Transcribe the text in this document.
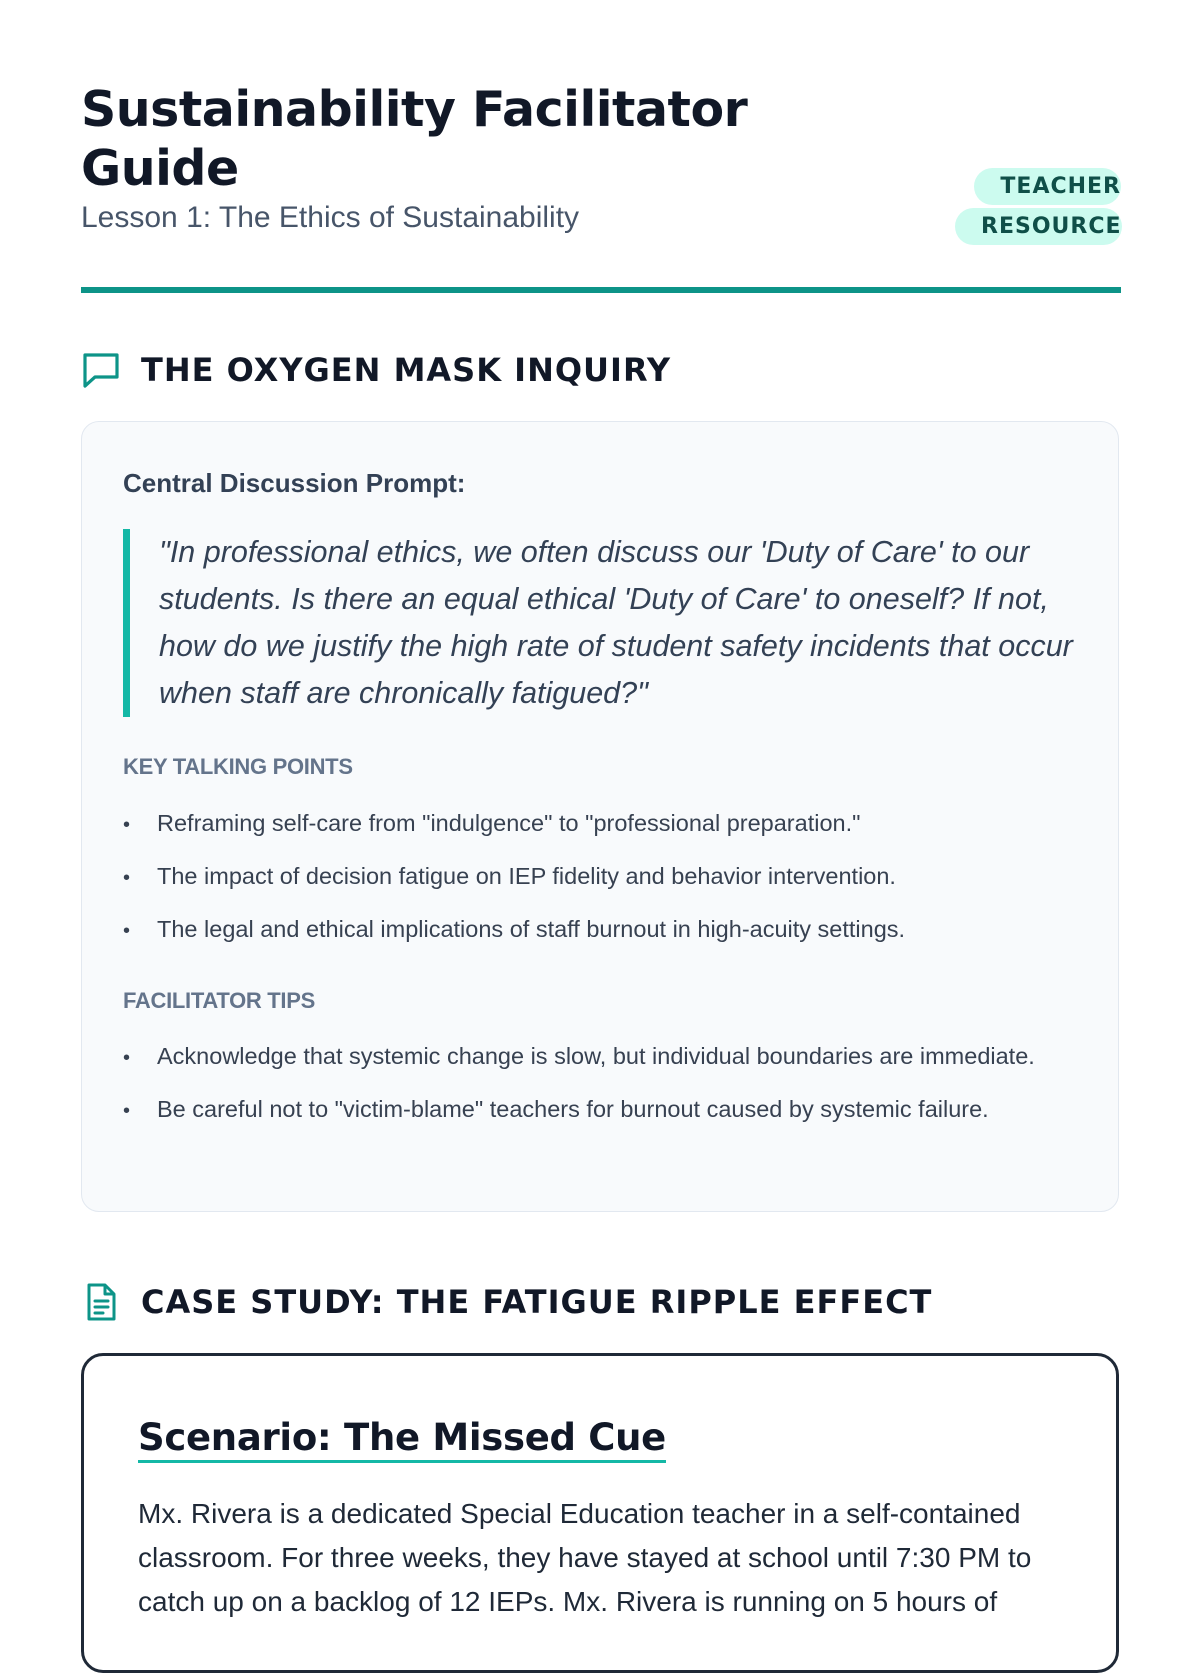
Sustainability Facilitator Guide

Lesson 1: The Ethics of Sustainability

TEACHER RESOURCE
THE OXYGEN MASK INQUIRY
Central Discussion Prompt:
"In professional ethics, we often discuss our 'Duty of Care' to our students. Is there an equal ethical 'Duty of Care' to oneself? If not, how do we justify the high rate of student safety incidents that occur when staff are chronically fatigued?"
KEY TALKING POINTS
• Reframing self-care from "indulgence" to "professional preparation."
• The impact of decision fatigue on IEP fidelity and behavior intervention.
• The legal and ethical implications of staff burnout in high-acuity settings.
FACILITATOR TIPS
• Acknowledge that systemic change is slow, but individual boundaries are immediate.
• Be careful not to "victim-blame" teachers for burnout caused by systemic failure.
CASE STUDY: THE FATIGUE RIPPLE EFFECT
Scenario: The Missed Cue

Mx. Rivera is a dedicated Special Education teacher in a self-contained classroom. For three weeks, they have stayed at school until 7:30 PM to catch up on a backlog of 12 IEPs. Mx. Rivera is running on 5 hours of
